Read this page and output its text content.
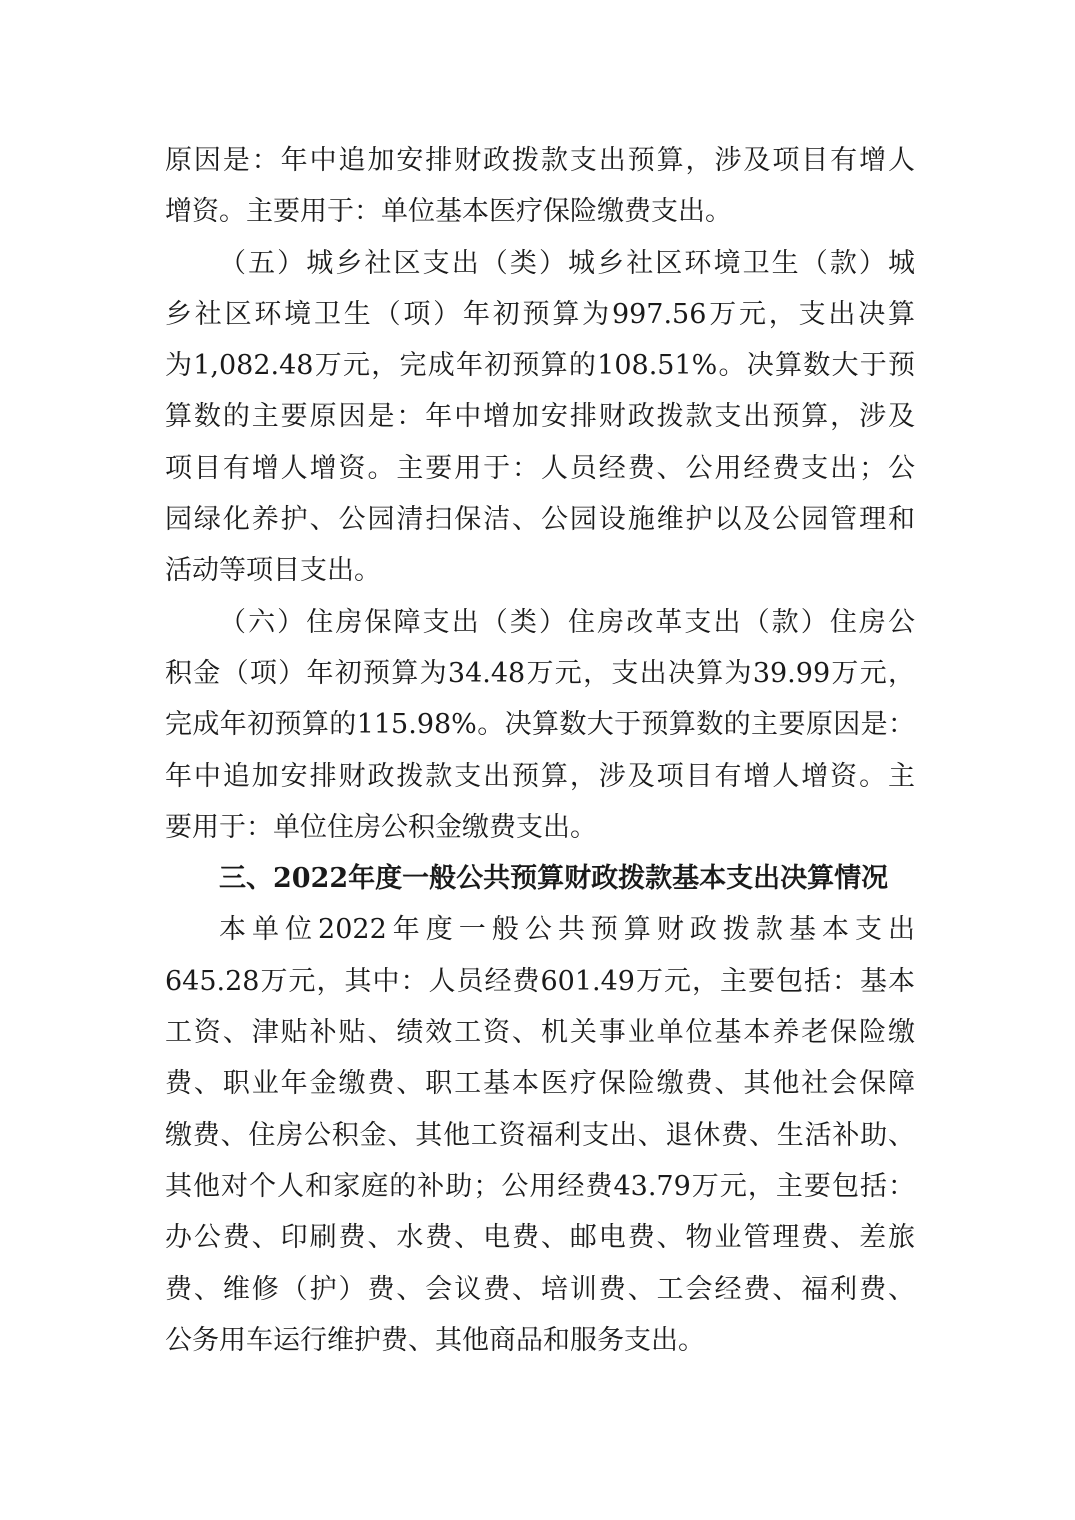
原因是：年中追加安排财政拨款支出预算，涉及项目有增人
增资。主要用于：单位基本医疗保险缴费支出。
（五）城乡社区支出（类）城乡社区环境卫生（款）城
乡社区环境卫生（项）年初预算为997.56万元，支出决算
为1,082.48万元，完成年初预算的108.51%。决算数大于预
算数的主要原因是：年中增加安排财政拨款支出预算，涉及
项目有增人增资。主要用于：人员经费、公用经费支出；公
园绿化养护、公园清扫保洁、公园设施维护以及公园管理和
活动等项目支出。
（六）住房保障支出（类）住房改革支出（款）住房公
积金（项）年初预算为34.48万元，支出决算为39.99万元，
完成年初预算的115.98%。决算数大于预算数的主要原因是：
年中追加安排财政拨款支出预算，涉及项目有增人增资。主
要用于：单位住房公积金缴费支出。
三、2022年度一般公共预算财政拨款基本支出决算情况
本单位2022年度一般公共预算财政拨款基本支出
645.28万元，其中：人员经费601.49万元，主要包括：基本
工资、津贴补贴、绩效工资、机关事业单位基本养老保险缴
费、职业年金缴费、职工基本医疗保险缴费、其他社会保障
缴费、住房公积金、其他工资福利支出、退休费、生活补助、
其他对个人和家庭的补助；公用经费43.79万元，主要包括：
办公费、印刷费、水费、电费、邮电费、物业管理费、差旅
费、维修（护）费、会议费、培训费、工会经费、福利费、
公务用车运行维护费、其他商品和服务支出。
